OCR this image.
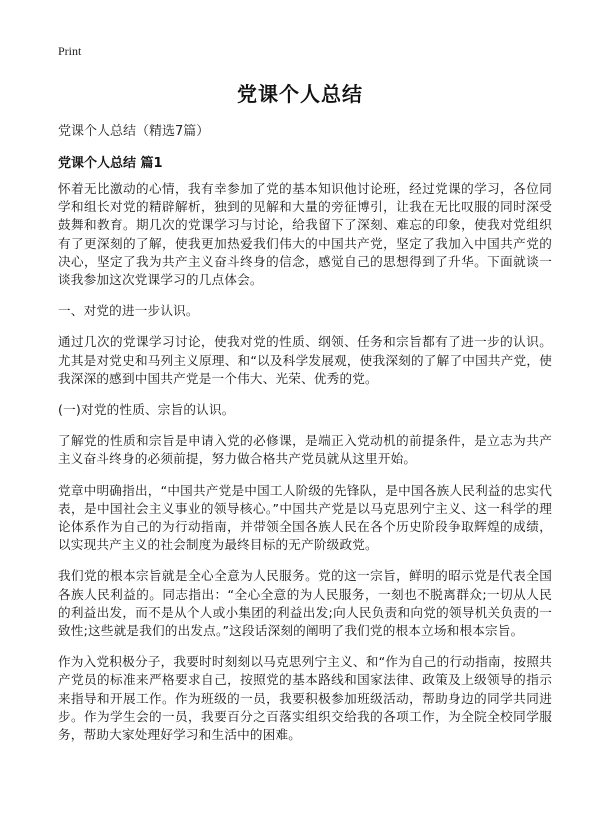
Print
党课个人总结
党课个人总结（精选7篇）
党课个人总结 篇1

怀着无比激动的心情，我有幸参加了党的基本知识他讨论班，经过党课的学习，各位同学和组长对党的精辟解析，独到的见解和大量的旁征博引，让我在无比叹服的同时深受鼓舞和教育。期几次的党课学习与讨论，给我留下了深刻、难忘的印象，使我对党组织有了更深刻的了解，使我更加热爱我们伟大的中国共产党，坚定了我加入中国共产党的决心，坚定了我为共产主义奋斗终身的信念，感觉自己的思想得到了升华。下面就谈一谈我参加这次党课学习的几点体会。

一、对党的进一步认识。

通过几次的党课学习讨论，使我对党的性质、纲领、任务和宗旨都有了进一步的认识。尤其是对党史和马列主义原理、和“以及科学发展观，使我深刻的了解了中国共产党，使我深深的感到中国共产党是一个伟大、光荣、优秀的党。

(一)对党的性质、宗旨的认识。

了解党的性质和宗旨是申请入党的必修课，是端正入党动机的前提条件，是立志为共产主义奋斗终身的必须前提，努力做合格共产党员就从这里开始。

党章中明确指出，“中国共产党是中国工人阶级的先锋队，是中国各族人民利益的忠实代表，是中国社会主义事业的领导核心。”中国共产党是以马克思列宁主义、这一科学的理论体系作为自己的为行动指南，并带领全国各族人民在各个历史阶段争取辉煌的成绩，以实现共产主义的社会制度为最终目标的无产阶级政党。

我们党的根本宗旨就是全心全意为人民服务。党的这一宗旨，鲜明的昭示党是代表全国各族人民利益的。同志指出：“全心全意的为人民服务，一刻也不脱离群众;一切从人民的利益出发，而不是从个人或小集团的利益出发;向人民负责和向党的领导机关负责的一致性;这些就是我们的出发点。”这段话深刻的阐明了我们党的根本立场和根本宗旨。

作为入党积极分子，我要时时刻刻以马克思列宁主义、和“作为自己的行动指南，按照共产党员的标准来严格要求自己，按照党的基本路线和国家法律、政策及上级领导的指示来指导和开展工作。作为班级的一员，我要积极参加班级活动，帮助身边的同学共同进步。作为学生会的一员，我要百分之百落实组织交给我的各项工作，为全院全校同学服务，帮助大家处理好学习和生活中的困难。
